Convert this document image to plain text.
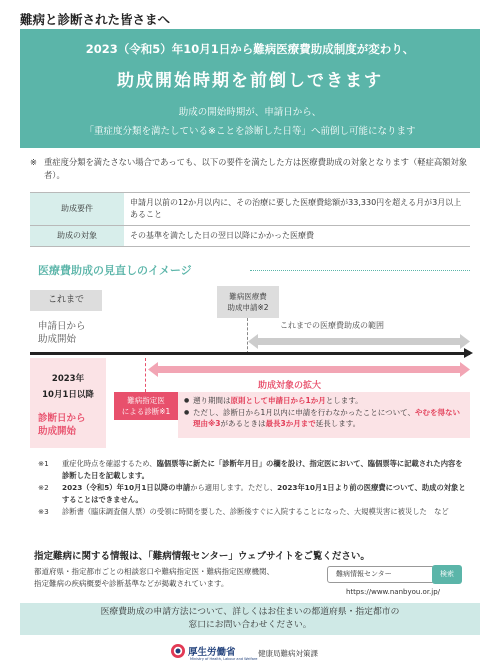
難病と診断された皆さまへ
2023（令和5）年10月1日から難病医療費助成制度が変わり、
助成開始時期を前倒しできます
助成の開始時期が、申請日から、
「重症度分類を満たしている※ことを診断した日等」へ前倒し可能になります
※ 重症度分類を満たさない場合であっても、以下の要件を満たした方は医療費助成の対象となります（軽症高額対象者）。
助成要件	申請月以前の12か月以内に、その治療に要した医療費総額が33,330円を超える月が3月以上あること
助成の対象	その基準を満たした日の翌日以降にかかった医療費
医療費助成の見直しのイメージ
これまで
申請日から
助成開始
難病医療費
助成申請※2
これまでの医療費助成の範囲
2023年
10月1日以降
診断日から
助成開始
助成対象の拡大
難病指定医
による診断※1
● 遡り期間は原則として申請日から1か月とします。
● ただし、診断日から1月以内に申請を行わなかったことについて、やむを得ない理由※3があるときは最長3か月まで延長します。
※1 重症化時点を確認するため、臨個票等に新たに「診断年月日」の欄を設け、指定医において、臨個票等に記載された内容を診断した日を記載します。
※2 2023（令和5）年10月1日以降の申請から適用します。ただし、2023年10月1日より前の医療費について、助成の対象とすることはできません。
※3 診断書（臨床調査個人票）の受領に時間を要した、診断後すぐに入院することになった、大規模災害に被災した　など
指定難病に関する情報は、「難病情報センター」ウェブサイトをご覧ください。
都道府県・指定都市ごとの相談窓口や難病指定医・難病指定医療機関、
指定難病の疾病概要や診断基準などが掲載されています。
難病情報センター	検索
https://www.nanbyou.or.jp/
医療費助成の申請方法について、詳しくはお住まいの都道府県・指定都市の
窓口にお問い合わせください。
厚生労働省
Ministry of Health, Labour and Welfare
健康局難病対策課
